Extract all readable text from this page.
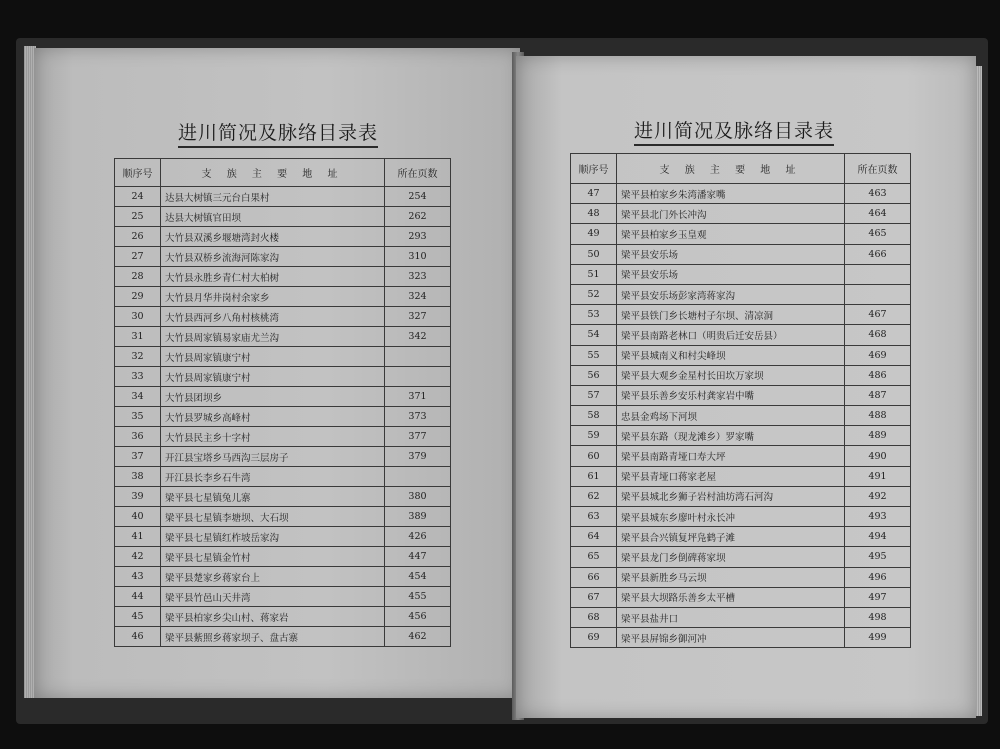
进川简况及脉络目录表
顺序号	支 族 主 要 地 址	所在页数
24	达县大树镇三元台白果村	254
25	达县大树镇官田坝	262
26	大竹县双溪乡堰塘湾封火楼	293
27	大竹县双桥乡流海河陈家沟	310
28	大竹县永胜乡青仁村大柏树	323
29	大竹县月华井岗村余家乡	324
30	大竹县西河乡八角村核桃湾	327
31	大竹县周家镇易家庙尤兰沟	342
32	大竹县周家镇康宁村	
33	大竹县周家镇康宁村	
34	大竹县团坝乡	371
35	大竹县罗城乡高峰村	373
36	大竹县民主乡十字村	377
37	开江县宝塔乡马西沟三层房子	379
38	开江县长李乡石牛湾	
39	梁平县七星镇兔儿寨	380
40	梁平县七星镇李塘坝、大石坝	389
41	梁平县七星镇红柞坡岳家沟	426
42	梁平县七星镇金竹村	447
43	梁平县楚家乡蒋家台上	454
44	梁平县竹邑山天井湾	455
45	梁平县柏家乡尖山村、蒋家岩	456
46	梁平县紫照乡蒋家坝子、盘古寨	462
进川简况及脉络目录表
顺序号	支 族 主 要 地 址	所在页数
47	梁平县柏家乡朱湾潘家嘴	463
48	梁平县北门外长冲沟	464
49	梁平县柏家乡玉皇观	465
50	梁平县安乐场	466
51	梁平县安乐场	
52	梁平县安乐场彭家湾蒋家沟	
53	梁平县铁门乡长塘村子尔坝、清凉洞	467
54	梁平县南路老林口（明贵后迁安岳县）	468
55	梁平县城南义和村尖峰坝	469
56	梁平县大观乡金星村长田坎万家坝	486
57	梁平县乐善乡安乐村龚家岩中嘴	487
58	忠县金鸡场下河坝	488
59	梁平县东路（现龙滩乡）罗家嘴	489
60	梁平县南路青垭口寿大坪	490
61	梁平县青垭口蒋家老屋	491
62	梁平县城北乡狮子岩村油坊湾石河沟	492
63	梁平县城东乡廖叶村永长冲	493
64	梁平县合兴镇复坪凫鹤子滩	494
65	梁平县龙门乡倒碑蒋家坝	495
66	梁平县新胜乡马云坝	496
67	梁平县大坝路乐善乡太平槽	497
68	梁平县盐井口	498
69	梁平县屏锦乡御河冲	499
